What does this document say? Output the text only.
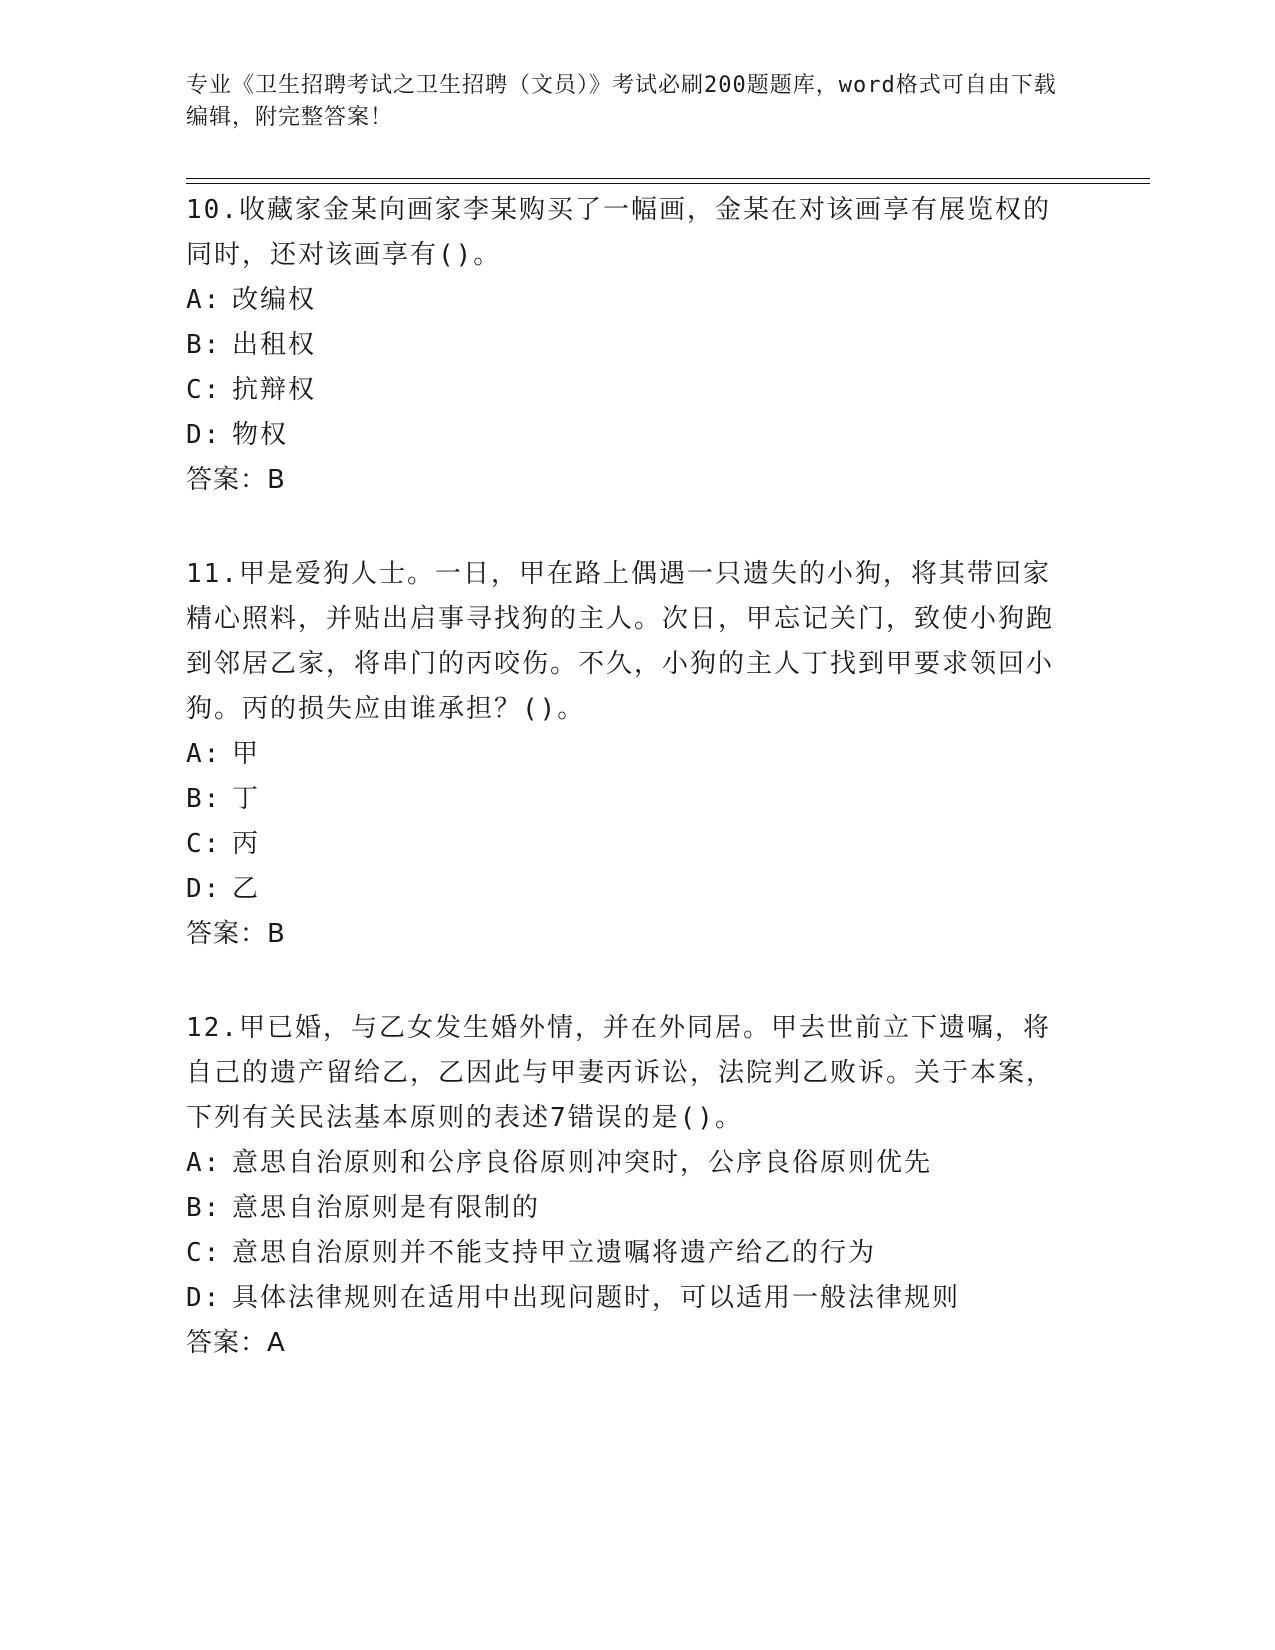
专业《卫生招聘考试之卫生招聘（文员）》考试必刷200题题库，word格式可自由下载编辑，附完整答案！
10.收藏家金某向画家李某购买了一幅画，金某在对该画享有展览权的同时，还对该画享有()。
A: 改编权
B: 出租权
C: 抗辩权
D: 物权
答案：B
11.甲是爱狗人士。一日，甲在路上偶遇一只遗失的小狗，将其带回家精心照料，并贴出启事寻找狗的主人。次日，甲忘记关门，致使小狗跑到邻居乙家，将串门的丙咬伤。不久，小狗的主人丁找到甲要求领回小狗。丙的损失应由谁承担？()。
A: 甲
B: 丁
C: 丙
D: 乙
答案：B
12.甲已婚，与乙女发生婚外情，并在外同居。甲去世前立下遗嘱，将自己的遗产留给乙，乙因此与甲妻丙诉讼，法院判乙败诉。关于本案，下列有关民法基本原则的表述7错误的是()。
A: 意思自治原则和公序良俗原则冲突时，公序良俗原则优先
B: 意思自治原则是有限制的
C: 意思自治原则并不能支持甲立遗嘱将遗产给乙的行为
D: 具体法律规则在适用中出现问题时，可以适用一般法律规则
答案：A
